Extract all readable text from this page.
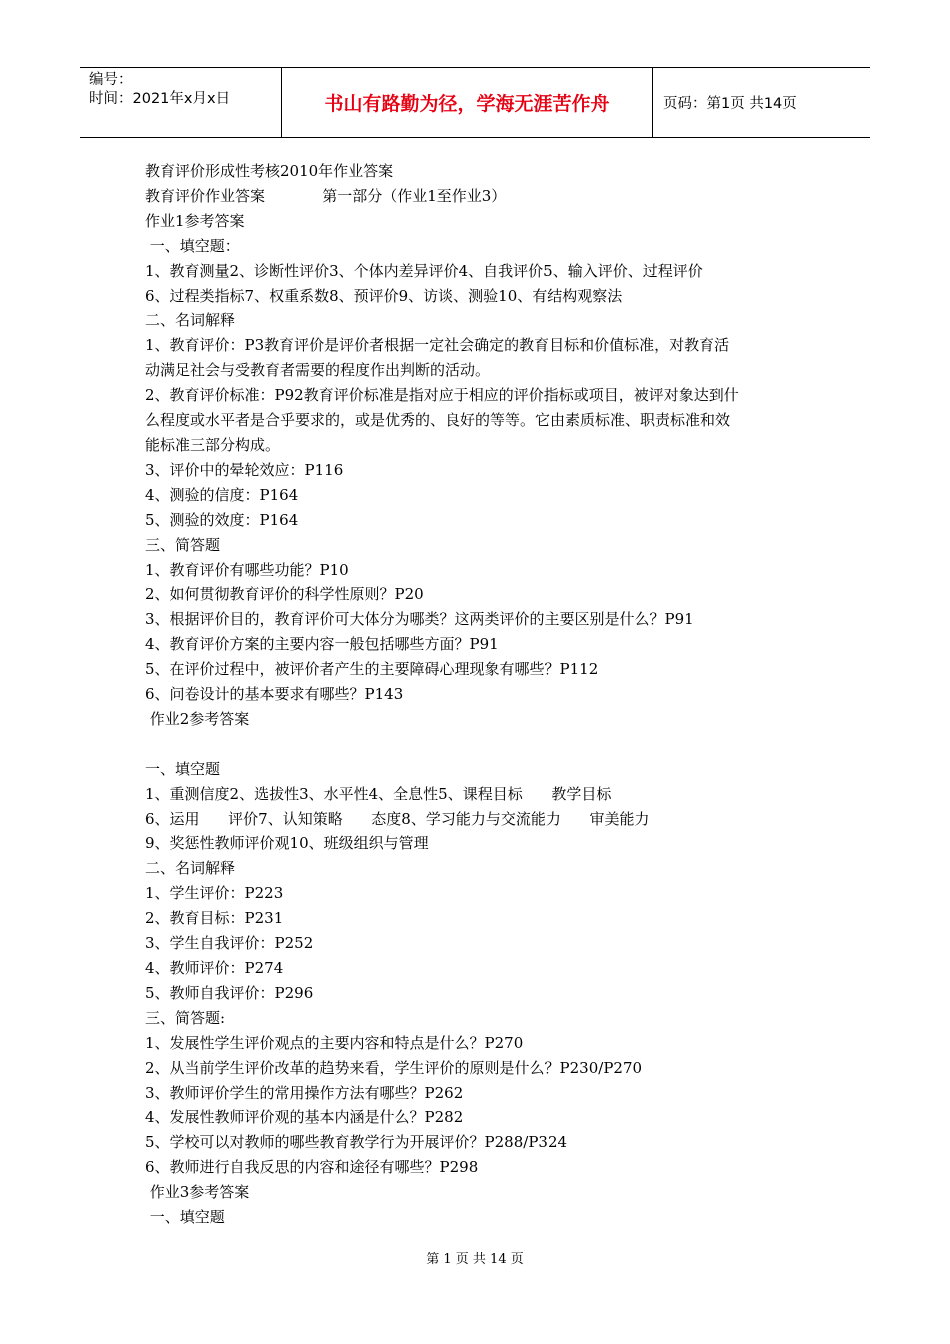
编号：
时间：2021年x月x日	书山有路勤为径，学海无涯苦作舟	页码：第1页 共14页
教育评价形成性考核2010年作业答案
教育评价作业答案            第一部分（作业1至作业3）
作业1参考答案
一、填空题：
1、教育测量2、诊断性评价3、个体内差异评价4、自我评价5、输入评价、过程评价
6、过程类指标7、权重系数8、预评价9、访谈、测验10、有结构观察法
二、名词解释
1、教育评价：P3教育评价是评价者根据一定社会确定的教育目标和价值标准，对教育活
动满足社会与受教育者需要的程度作出判断的活动。
2、教育评价标准：P92教育评价标准是指对应于相应的评价指标或项目，被评对象达到什
么程度或水平者是合乎要求的，或是优秀的、良好的等等。它由素质标准、职责标准和效
能标准三部分构成。
3、评价中的晕轮效应：P116
4、测验的信度：P164
5、测验的效度：P164
三、简答题
1、教育评价有哪些功能？P10
2、如何贯彻教育评价的科学性原则？P20
3、根据评价目的，教育评价可大体分为哪类？这两类评价的主要区别是什么？P91
4、教育评价方案的主要内容一般包括哪些方面？P91
5、在评价过程中，被评价者产生的主要障碍心理现象有哪些？P112
6、问卷设计的基本要求有哪些？P143
作业2参考答案
一、填空题
1、重测信度2、选拔性3、水平性4、全息性5、课程目标      教学目标
6、运用      评价7、认知策略      态度8、学习能力与交流能力      审美能力
9、奖惩性教师评价观10、班级组织与管理
二、名词解释
1、学生评价：P223
2、教育目标：P231
3、学生自我评价：P252
4、教师评价：P274
5、教师自我评价：P296
三、简答题:
1、发展性学生评价观点的主要内容和特点是什么？P270
2、从当前学生评价改革的趋势来看，学生评价的原则是什么？P230/P270
3、教师评价学生的常用操作方法有哪些？P262
4、发展性教师评价观的基本内涵是什么？P282
5、学校可以对教师的哪些教育教学行为开展评价？P288/P324
6、教师进行自我反思的内容和途径有哪些？P298
作业3参考答案
一、填空题
第 1 页 共 14 页
